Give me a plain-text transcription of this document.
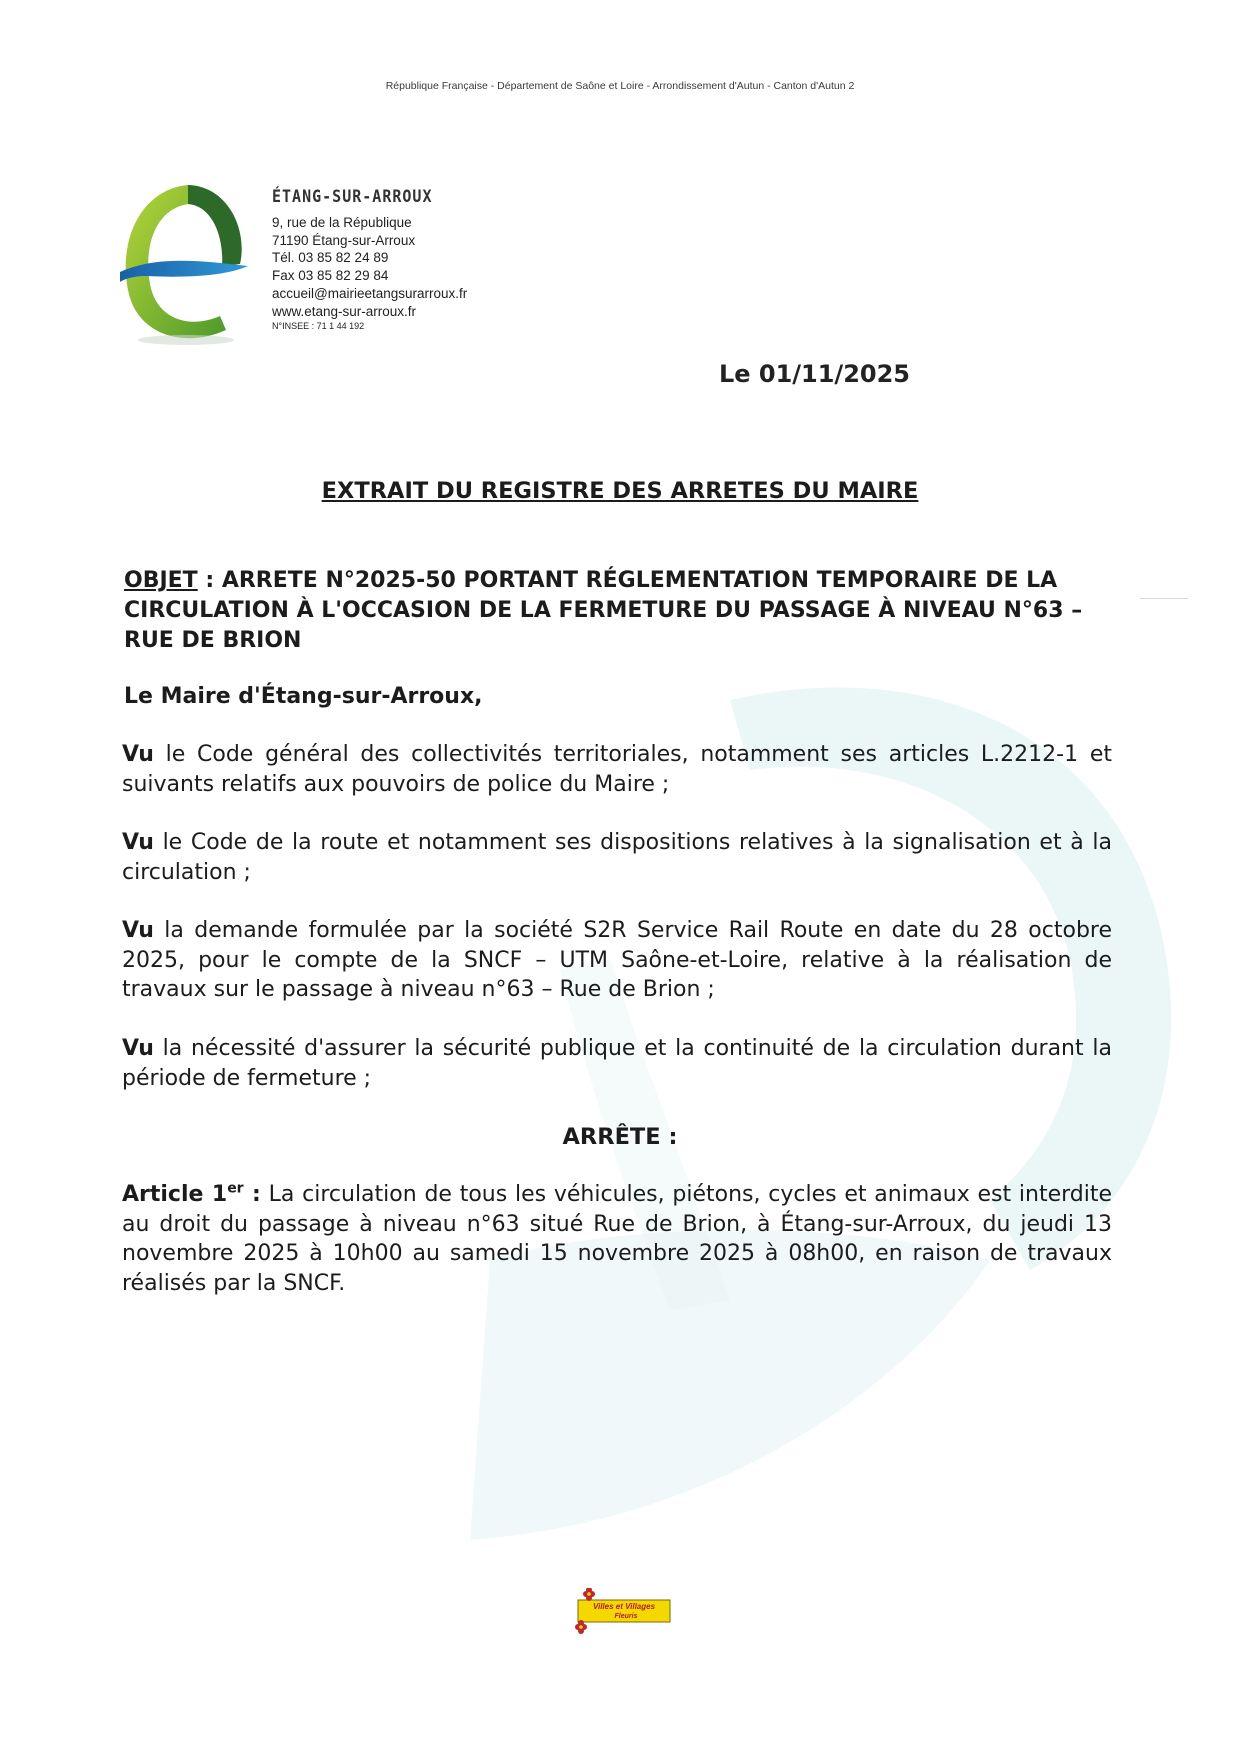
République Française - Département de Saône et Loire - Arrondissement d'Autun - Canton d'Autun 2
ÉTANG-SUR-ARROUX
9, rue de la République
71190 Étang-sur-Arroux
Tél. 03 85 82 24 89
Fax 03 85 82 29 84
accueil@mairieetangsurarroux.fr
www.etang-sur-arroux.fr
N°INSEE : 71 1 44 192
Le 01/11/2025
EXTRAIT DU REGISTRE DES ARRETES DU MAIRE
OBJET : ARRETE N°2025-50 PORTANT RÉGLEMENTATION TEMPORAIRE DE LA CIRCULATION À L'OCCASION DE LA FERMETURE DU PASSAGE À NIVEAU N°63 – RUE DE BRION
Le Maire d'Étang-sur-Arroux,
Vu le Code général des collectivités territoriales, notamment ses articles L.2212-1 et suivants relatifs aux pouvoirs de police du Maire ;
Vu le Code de la route et notamment ses dispositions relatives à la signalisation et à la circulation ;
Vu la demande formulée par la société S2R Service Rail Route en date du 28 octobre 2025, pour le compte de la SNCF – UTM Saône-et-Loire, relative à la réalisation de travaux sur le passage à niveau n°63 – Rue de Brion ;
Vu la nécessité d'assurer la sécurité publique et la continuité de la circulation durant la période de fermeture ;
ARRÊTE :
Article 1er : La circulation de tous les véhicules, piétons, cycles et animaux est interdite au droit du passage à niveau n°63 situé Rue de Brion, à Étang-sur-Arroux, du jeudi 13 novembre 2025 à 10h00 au samedi 15 novembre 2025 à 08h00, en raison de travaux réalisés par la SNCF.
Villes et Villages
Fleuris
